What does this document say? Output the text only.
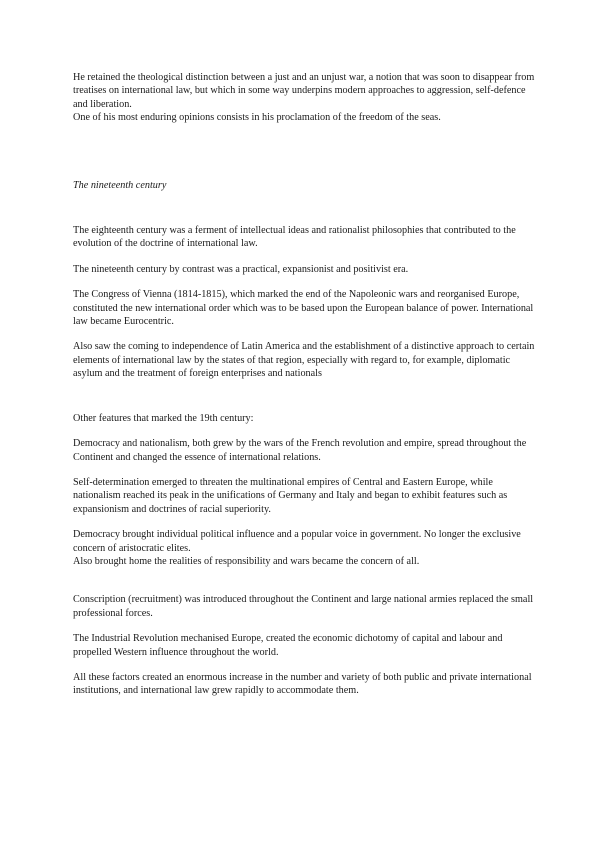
He retained the theological distinction between a just and an unjust war, a notion that was soon to disappear from treatises on international law, but which in some way underpins modern approaches to aggression, self-defence and liberation.

One of his most enduring opinions consists in his proclamation of the freedom of the seas.

The nineteenth century

The eighteenth century was a ferment of intellectual ideas and rationalist philosophies that contributed to the evolution of the doctrine of international law.

The nineteenth century by contrast was a practical, expansionist and positivist era.

The Congress of Vienna (1814-1815), which marked the end of the Napoleonic wars and reorganised Europe, constituted the new international order which was to be based upon the European balance of power. International law became Eurocentric.

Also saw the coming to independence of Latin America and the establishment of a distinctive approach to certain elements of international law by the states of that region, especially with regard to, for example, diplomatic asylum and the treatment of foreign enterprises and nationals

Other features that marked the 19th century:

Democracy and nationalism, both grew by the wars of the French revolution and empire, spread throughout the Continent and changed the essence of international relations.

Self-determination emerged to threaten the multinational empires of Central and Eastern Europe, while nationalism reached its peak in the unifications of Germany and Italy and began to exhibit features such as expansionism and doctrines of racial superiority.

Democracy brought individual political influence and a popular voice in government. No longer the exclusive concern of aristocratic elites.

Also brought home the realities of responsibility and wars became the concern of all.

Conscription (recruitment) was introduced throughout the Continent and large national armies replaced the small professional forces.

The Industrial Revolution mechanised Europe, created the economic dichotomy of capital and labour and propelled Western influence throughout the world.

All these factors created an enormous increase in the number and variety of both public and private international institutions, and international law grew rapidly to accommodate them.
